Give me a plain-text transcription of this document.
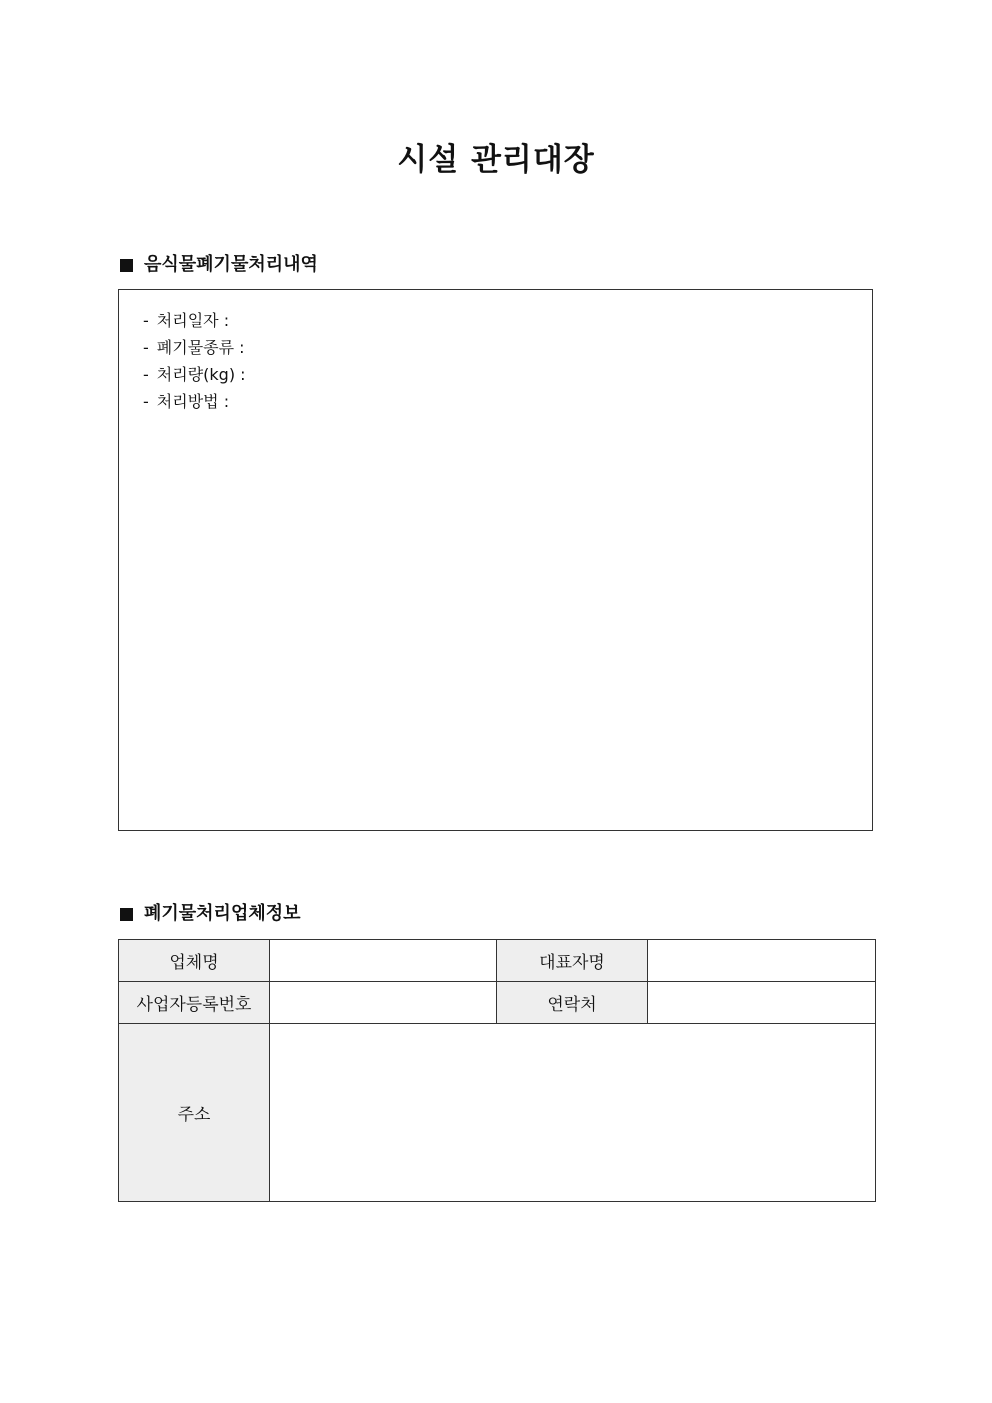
시설 관리대장
음식물폐기물처리내역
- 처리일자 :
- 폐기물종류 :
- 처리량(kg) :
- 처리방법 :
폐기물처리업체정보
업체명		대표자명	
사업자등록번호		연락처	
주소			
